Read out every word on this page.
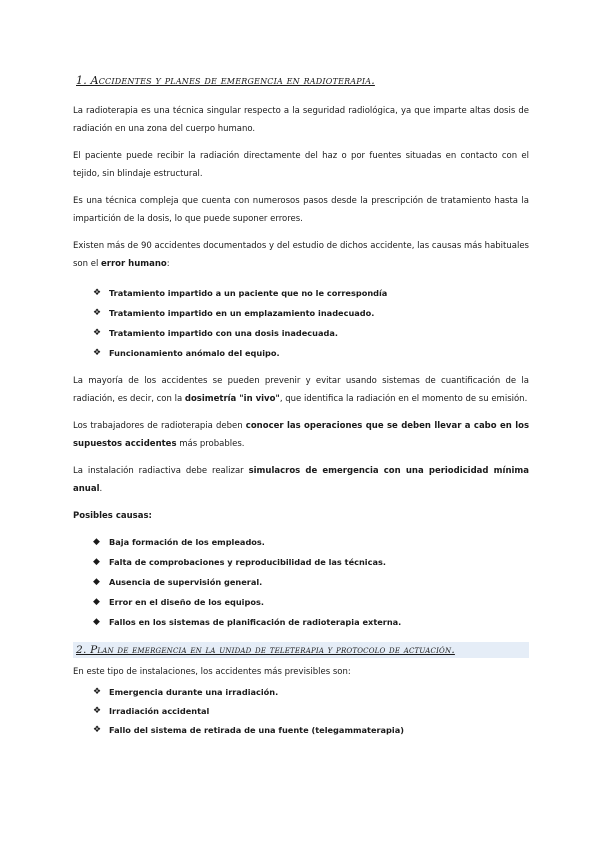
1. Accidentes y planes de emergencia en radioterapia.

La radioterapia es una técnica singular respecto a la seguridad radiológica, ya que imparte altas dosis de radiación en una zona del cuerpo humano.

El paciente puede recibir la radiación directamente del haz o por fuentes situadas en contacto con el tejido, sin blindaje estructural.

Es una técnica compleja que cuenta con numerosos pasos desde la prescripción de tratamiento hasta la impartición de la dosis, lo que puede suponer errores.

Existen más de 90 accidentes documentados y del estudio de dichos accidente, las causas más habituales son el error humano:

❖ Tratamiento impartido a un paciente que no le correspondía
❖ Tratamiento impartido en un emplazamiento inadecuado.
❖ Tratamiento impartido con una dosis inadecuada.
❖ Funcionamiento anómalo del equipo.

La mayoría de los accidentes se pueden prevenir y evitar usando sistemas de cuantificación de la radiación, es decir, con la dosimetría "in vivo", que identifica la radiación en el momento de su emisión.

Los trabajadores de radioterapia deben conocer las operaciones que se deben llevar a cabo en los supuestos accidentes más probables.

La instalación radiactiva debe realizar simulacros de emergencia con una periodicidad mínima anual.

Posibles causas:

◆ Baja formación de los empleados.
◆ Falta de comprobaciones y reproducibilidad de las técnicas.
◆ Ausencia de supervisión general.
◆ Error en el diseño de los equipos.
◆ Fallos en los sistemas de planificación de radioterapia externa.

2. Plan de emergencia en la unidad de teleterapia y protocolo de actuación.

En este tipo de instalaciones, los accidentes más previsibles son:

❖ Emergencia durante una irradiación.
❖ Irradiación accidental
❖ Fallo del sistema de retirada de una fuente (telegammaterapia)
